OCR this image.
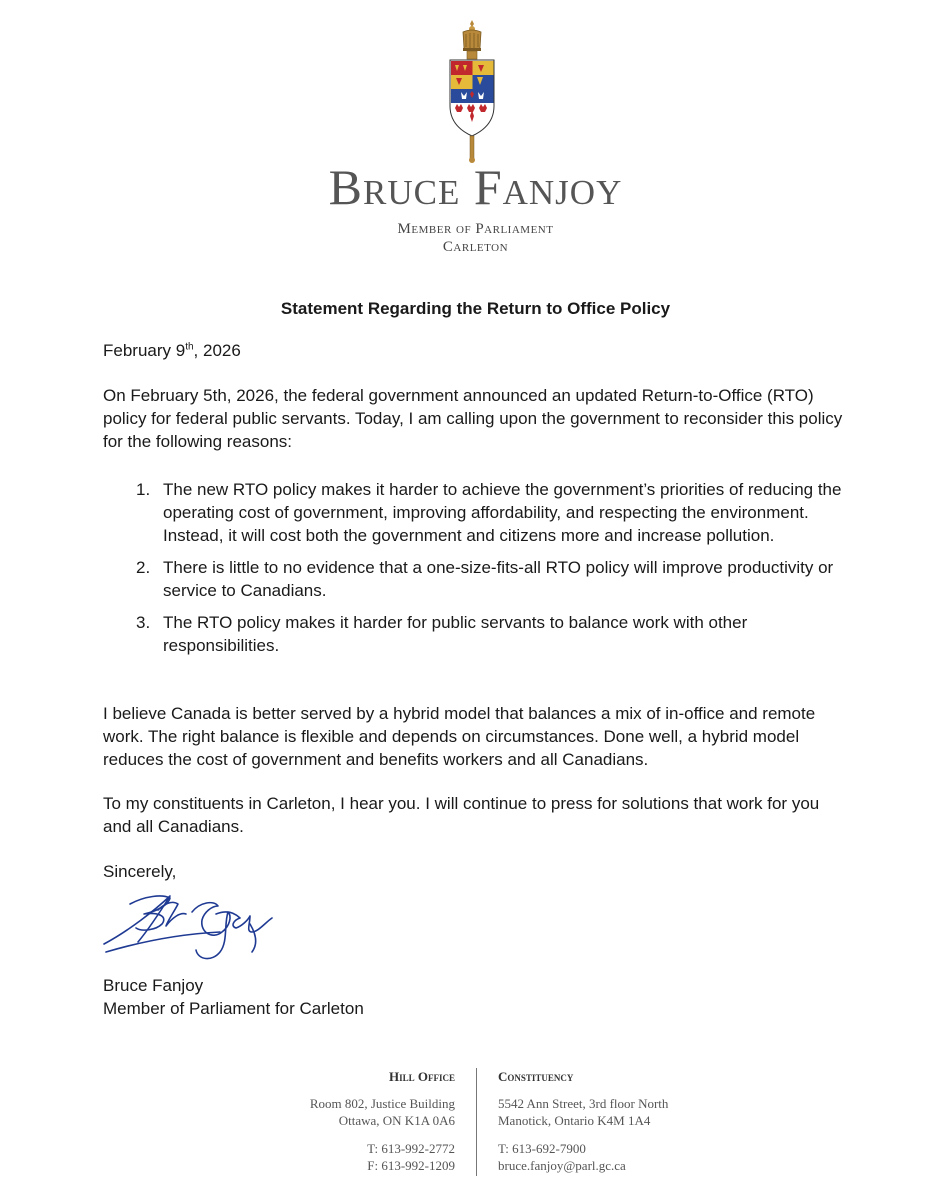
Bruce Fanjoy
Member of Parliament
Carleton
Statement Regarding the Return to Office Policy
February 9th, 2026
On February 5th, 2026, the federal government announced an updated Return-to-Office (RTO) policy for federal public servants. Today, I am calling upon the government to reconsider this policy for the following reasons:
1. The new RTO policy makes it harder to achieve the government’s priorities of reducing the operating cost of government, improving affordability, and respecting the environment. Instead, it will cost both the government and citizens more and increase pollution.
2. There is little to no evidence that a one-size-fits-all RTO policy will improve productivity or service to Canadians.
3. The RTO policy makes it harder for public servants to balance work with other responsibilities.
I believe Canada is better served by a hybrid model that balances a mix of in-office and remote work. The right balance is flexible and depends on circumstances. Done well, a hybrid model reduces the cost of government and benefits workers and all Canadians.
To my constituents in Carleton, I hear you. I will continue to press for solutions that work for you and all Canadians.
Sincerely,
Bruce Fanjoy
Member of Parliament for Carleton
Hill Office
Room 802, Justice Building
Ottawa, ON K1A 0A6
T: 613-992-2772
F: 613-992-1209
Constituency
5542 Ann Street, 3rd floor North
Manotick, Ontario K4M 1A4
T: 613-692-7900
bruce.fanjoy@parl.gc.ca
